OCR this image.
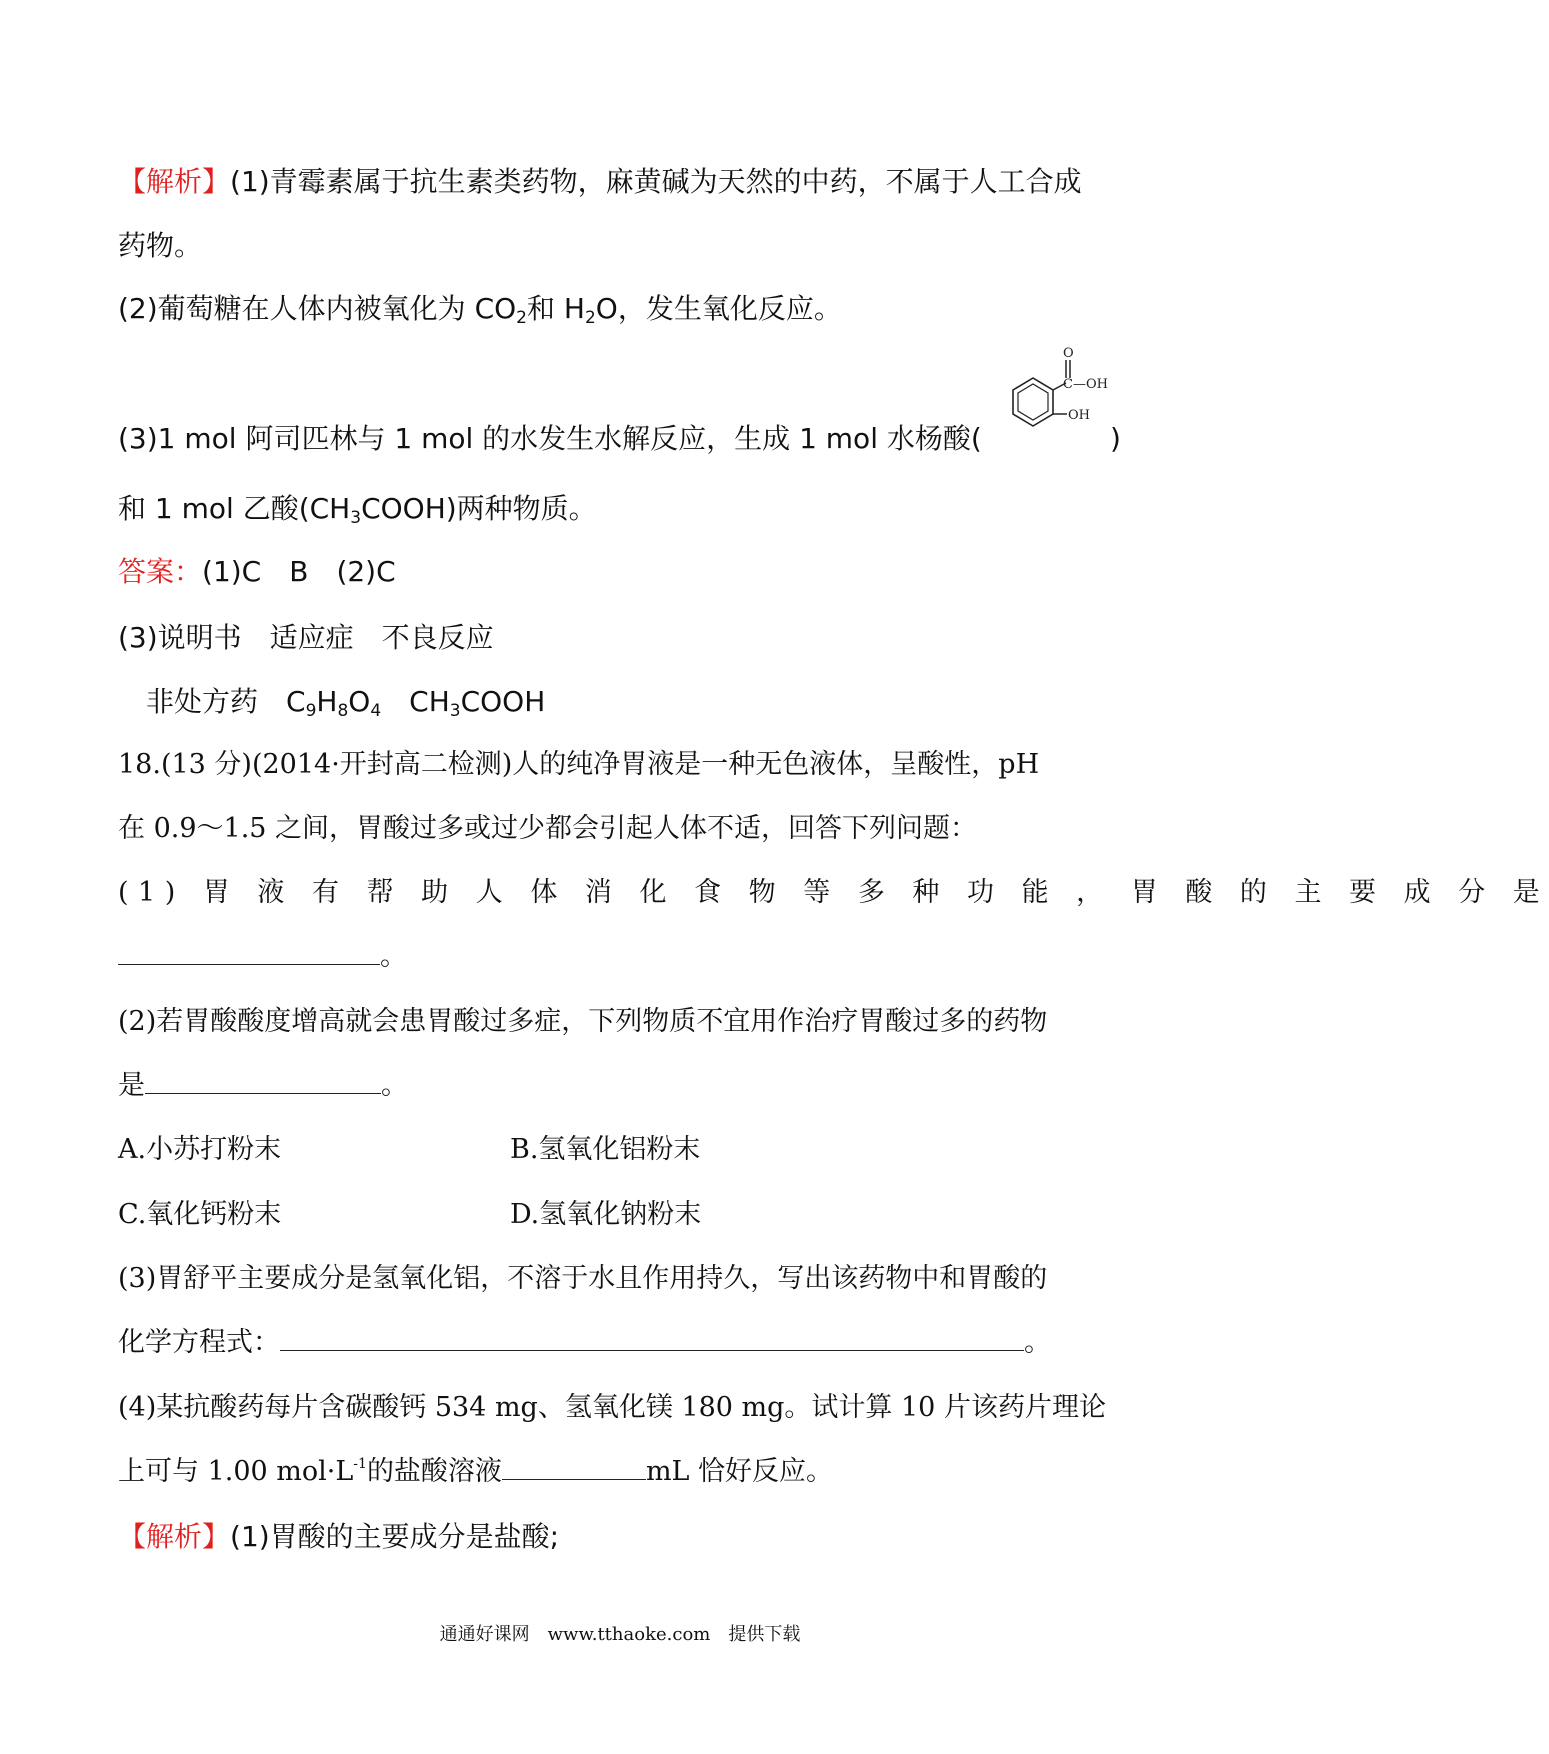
【解析】(1)青霉素属于抗生素类药物，麻黄碱为天然的中药，不属于人工合成
药物。
(2)葡萄糖在人体内被氧化为 $CO_2$和 $H_2O$，发生氧化反应。
(3)1 mol 阿司匹林与 1 mol 的水发生水解反应，生成 1 mol 水杨酸(	)
O
C—OH
OH
和 1 mol 乙酸$(CH_3COOH)$两种物质。
答案：(1)C　B　(2)C
(3)说明书　适应症　不良反应
非处方药　$C_9H_8O_4$　$CH_3COOH$
18.(13 分)(2014·开封高二检测)人的纯净胃液是一种无色液体，呈酸性，pH
在 0.9～1.5 之间，胃酸过多或过少都会引起人体不适，回答下列问题：
(1) 胃 液 有 帮 助 人 体 消 化 食 物 等 多 种 功 能 ， 胃 酸 的 主 要 成 分 是
。
(2)若胃酸酸度增高就会患胃酸过多症，下列物质不宜用作治疗胃酸过多的药物
是	。
A.小苏打粉末	B.氢氧化铝粉末
C.氧化钙粉末	D.氢氧化钠粉末
(3)胃舒平主要成分是氢氧化铝，不溶于水且作用持久，写出该药物中和胃酸的
化学方程式：	。
(4)某抗酸药每片含碳酸钙 534 mg、氢氧化镁 180 mg。试计算 10 片该药片理论
上可与 1.00 $mol\cdot L^{-1}$的盐酸溶液	mL 恰好反应。
【解析】(1)胃酸的主要成分是盐酸;
通通好课网　www.tthaoke.com　提供下载
